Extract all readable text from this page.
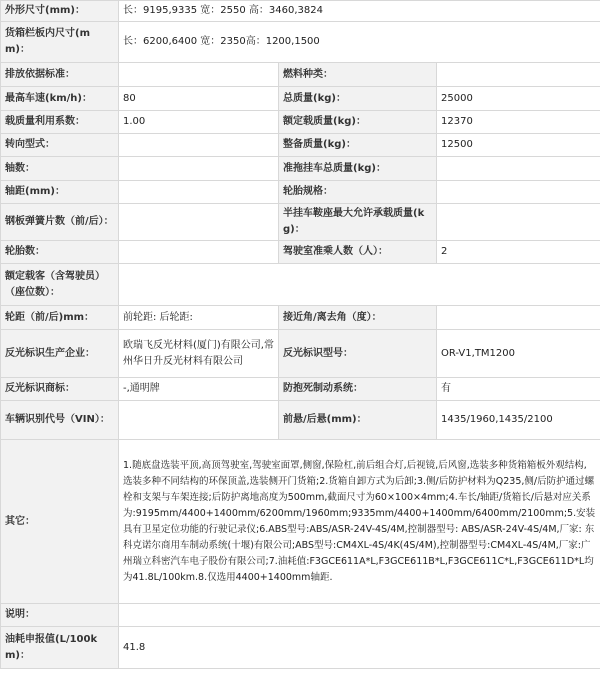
外形尺寸(mm)：	长：9195,9335 宽：2550 高：3460,3824		
货箱栏板内尺寸(mm)：	长：6200,6400 宽：2350高：1200,1500		
排放依据标准：		燃料种类：	
最高车速(km/h)：	80	总质量(kg)：	25000
载质量利用系数：	1.00	额定载质量(kg)：	12370
转向型式：		整备质量(kg)：	12500
轴数：		准拖挂车总质量(kg)：	
轴距(mm)：		轮胎规格：	
钢板弹簧片数（前/后）：		半挂车鞍座最大允许承载质量(kg)：	
轮胎数：		驾驶室准乘人数（人）：	2
额定载客（含驾驶员）（座位数）：			
轮距（前/后)mm：	前轮距: 后轮距:	接近角/离去角（度）：	
反光标识生产企业：	欧瑞飞反光材料(厦门)有限公司,常州华日升反光材料有限公司	反光标识型号：	OR-V1,TM1200
反光标识商标：	-,通明牌	防抱死制动系统：	有
车辆识别代号（VIN）：		前悬/后悬(mm)：	1435/1960,1435/2100
其它：	1.随底盘选装平顶,高顶驾驶室,驾驶室面罩,侧窗,保险杠,前后组合灯,后视镜,后风窗,选装多种货箱箱板外观结构,选装多种不同结构的环保顶盖,选装侧开门货箱;2.货箱自卸方式为后卸;3.侧/后防护材料为Q235,侧/后防护通过螺栓和支架与车架连接;后防护离地高度为500mm,截面尺寸为60×100×4mm;4.车长/轴距/货箱长/后悬对应关系为:9195mm/4400+1400mm/6200mm/1960mm;9335mm/4400+1400mm/6400mm/2100mm;5.安装具有卫星定位功能的行驶记录仪;6.ABS型号:ABS/ASR-24V-4S/4M,控制器型号: ABS/ASR-24V-4S/4M,厂家: 东科克诺尔商用车制动系统(十堰)有限公司;ABS型号:CM4XL-4S/4K(4S/4M),控制器型号:CM4XL-4S/4M,厂家:广州瑞立科密汽车电子股份有限公司;7.油耗值:F3GCE611A*L,F3GCE611B*L,F3GCE611C*L,F3GCE611D*L均为41.8L/100km.8.仅选用4400+1400mm轴距.		
说明：			
油耗申报值(L/100km)：	41.8		
